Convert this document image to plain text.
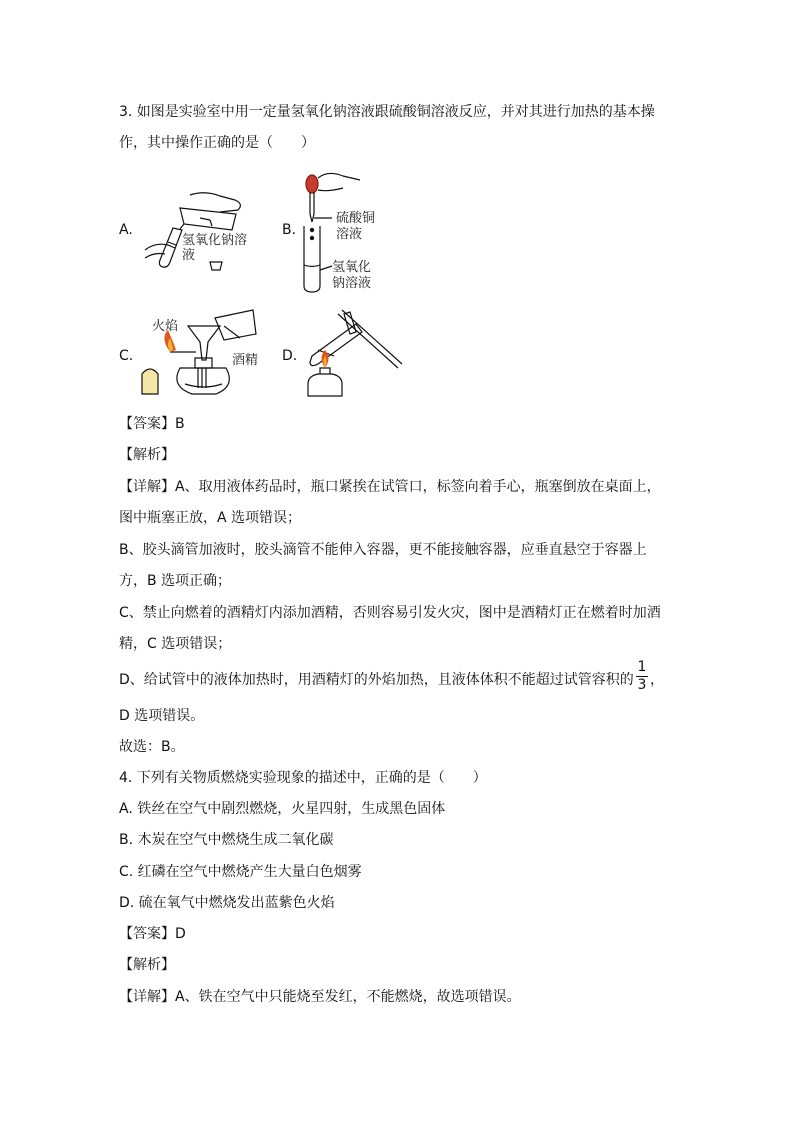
3. 如图是实验室中用一定量氢氧化钠溶液跟硫酸铜溶液反应，并对其进行加热的基本操
作，其中操作正确的是（　　）
A.
氢氧化钠溶
液
B.
硫酸铜
溶液
氢氧化
钠溶液
C.
火焰
酒精 D.
【答案】B
【解析】
【详解】A、取用液体药品时，瓶口紧挨在试管口，标签向着手心，瓶塞倒放在桌面上，
图中瓶塞正放，A 选项错误；
B、胶头滴管加液时，胶头滴管不能伸入容器，更不能接触容器，应垂直悬空于容器上
方，B 选项正确；
C、禁止向燃着的酒精灯内添加酒精，否则容易引发火灾，图中是酒精灯正在燃着时加酒
精，C 选项错误；
D、给试管中的液体加热时，用酒精灯的外焰加热，且液体体积不能超过试管容积的
1
3 ，
D 选项错误。
故选：B。
4. 下列有关物质燃烧实验现象的描述中，正确的是（　　）
A. 铁丝在空气中剧烈燃烧，火星四射，生成黑色固体
B. 木炭在空气中燃烧生成二氧化碳
C. 红磷在空气中燃烧产生大量白色烟雾
D. 硫在氧气中燃烧发出蓝紫色火焰
【答案】D
【解析】
【详解】A、铁在空气中只能烧至发红，不能燃烧，故选项错误。
